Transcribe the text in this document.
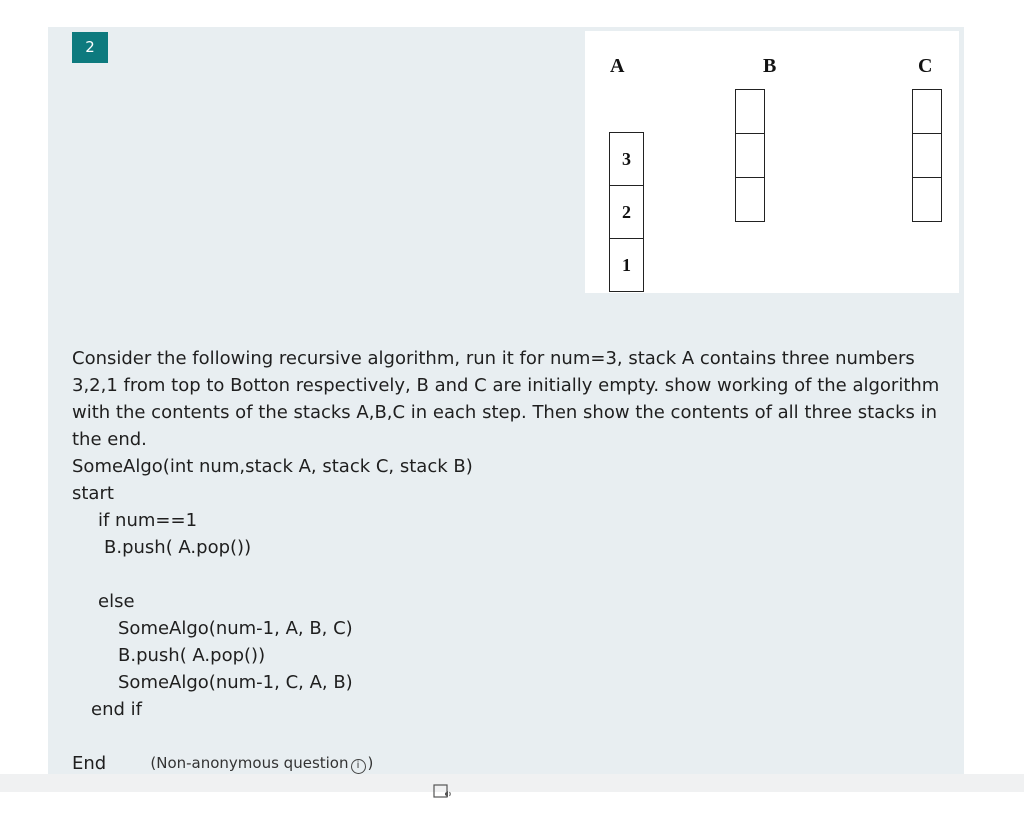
2
A	B	C
3
2
1

Consider the following recursive algorithm, run it for num=3, stack A contains three numbers 3,2,1 from top to Botton respectively, B and C are initially empty. show working of the algorithm with the contents of the stacks A,B,C in each step. Then show the contents of all three stacks in the end.

SomeAlgo(int num,stack A, stack C, stack B)
start
if num==1
B.push( A.pop())
else
SomeAlgo(num-1, A, B, C)
B.push( A.pop())
SomeAlgo(num-1, C, A, B)
end if
End	(Non-anonymous question i )
